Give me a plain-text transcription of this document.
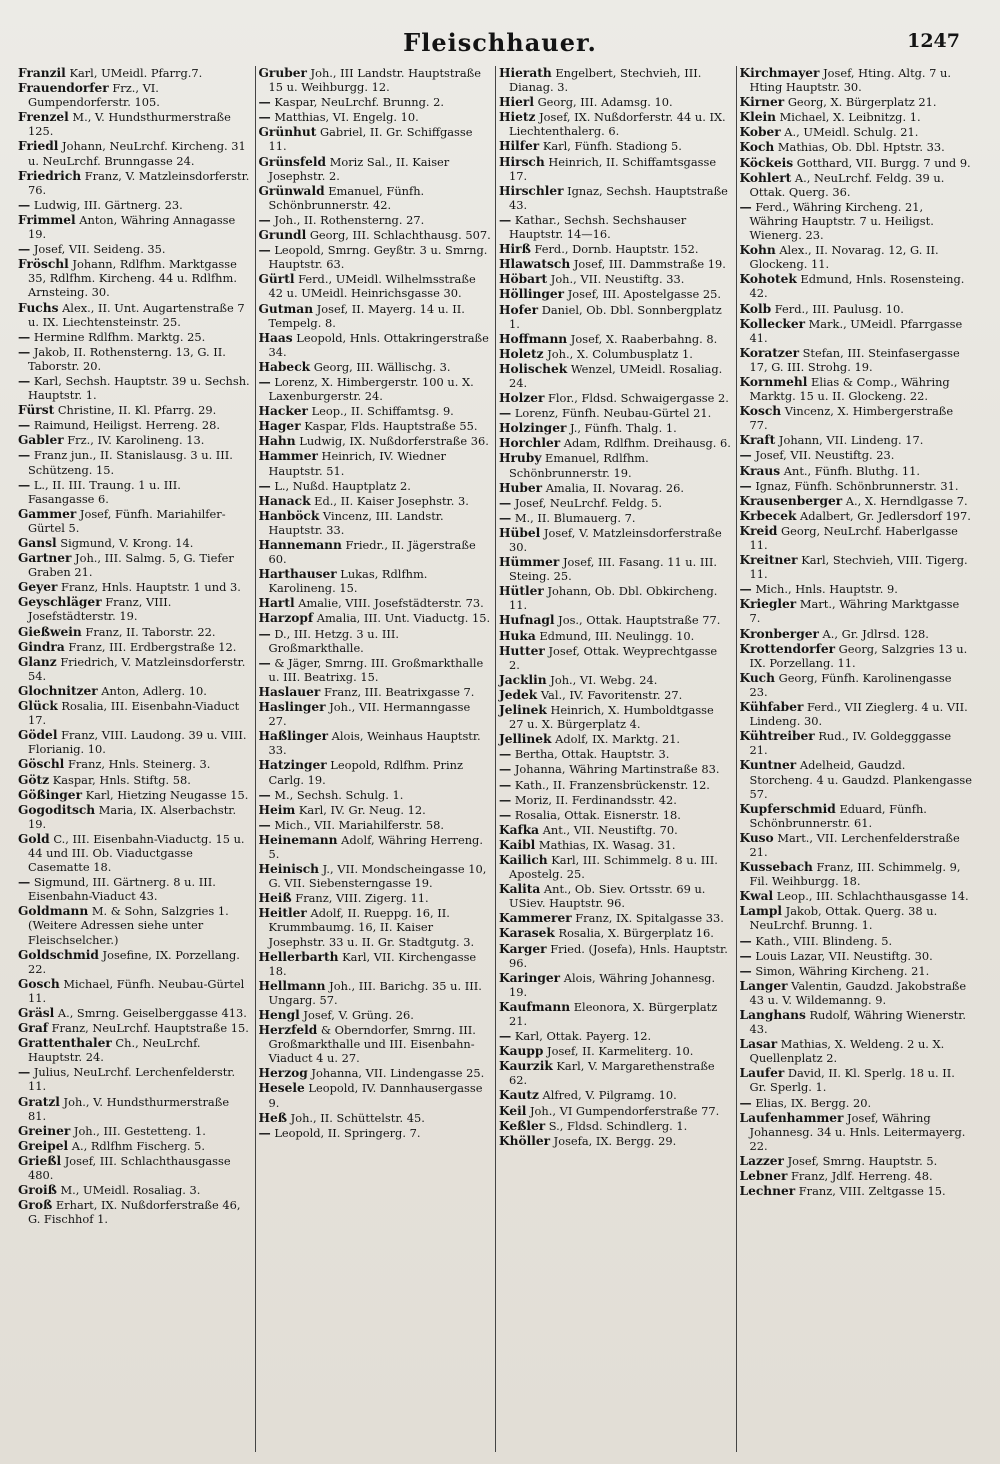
Fleischhauer.	1247
Franzil Karl, UMeidl. Pfarrg.7.
Frauendorfer Frz., VI. Gumpendorferstr. 105.
Frenzel M., V. Hundsthurmerstraße 125.
Friedl Johann, NeuLrchf. Kircheng. 31 u. NeuLrchf. Brunngasse 24.
Friedrich Franz, V. Matzleinsdorferstr. 76.
— Ludwig, III. Gärtnerg. 23.
Frimmel Anton, Währing Annagasse 19.
— Josef, VII. Seideng. 35.
Fröschl Johann, Rdlfhm. Marktgasse 35, Rdlfhm. Kircheng. 44 u. Rdlfhm. Arnsteing. 30.
Fuchs Alex., II. Unt. Augartenstraße 7 u. IX. Liechtensteinstr. 25.
— Hermine Rdlfhm. Marktg. 25.
— Jakob, II. Rothensterng. 13, G. II. Taborstr. 20.
— Karl, Sechsh. Hauptstr. 39 u. Sechsh. Hauptstr. 1.
Fürst Christine, II. Kl. Pfarrg. 29.
— Raimund, Heiligst. Herreng. 28.
Gabler Frz., IV. Karolineng. 13.
— Franz jun., II. Stanislausg. 3 u. III. Schützeng. 15.
— L., II. III. Traung. 1 u. III. Fasangasse 6.
Gammer Josef, Fünfh. Mariahilfer-Gürtel 5.
Gansl Sigmund, V. Krong. 14.
Gartner Joh., III. Salmg. 5, G. Tiefer Graben 21.
Geyer Franz, Hnls. Hauptstr. 1 und 3.
Geyschläger Franz, VIII. Josefstädterstr. 19.
Gießwein Franz, II. Taborstr. 22.
Gindra Franz, III. Erdbergstraße 12.
Glanz Friedrich, V. Matzleinsdorferstr. 54.
Glochnitzer Anton, Adlerg. 10.
Glück Rosalia, III. Eisenbahn-Viaduct 17.
Gödel Franz, VIII. Laudong. 39 u. VIII. Florianig. 10.
Göschl Franz, Hnls. Steinerg. 3.
Götz Kaspar, Hnls. Stiftg. 58.
Gößinger Karl, Hietzing Neugasse 15.
Gogoditsch Maria, IX. Alserbachstr. 19.
Gold C., III. Eisenbahn-Viaductg. 15 u. 44 und III. Ob. Viaductgasse Casematte 18.
— Sigmund, III. Gärtnerg. 8 u. III. Eisenbahn-Viaduct 43.
Goldmann M. & Sohn, Salzgries 1. (Weitere Adressen siehe unter Fleischselcher.)
Goldschmid Josefine, IX. Porzellang. 22.
Gosch Michael, Fünfh. Neubau-Gürtel 11.
Gräsl A., Smrng. Geiselberggasse 413.
Graf Franz, NeuLrchf. Hauptstraße 15.
Grattenthaler Ch., NeuLrchf. Hauptstr. 24.
— Julius, NeuLrchf. Lerchenfelderstr. 11.
Gratzl Joh., V. Hundsthurmerstraße 81.
Greiner Joh., III. Gestetteng. 1.
Greipel A., Rdlfhm Fischerg. 5.
Grießl Josef, III. Schlachthausgasse 480.
Groiß M., UMeidl. Rosaliag. 3.
Groß Erhart, IX. Nußdorferstraße 46, G. Fischhof 1.
Gruber Joh., III Landstr. Hauptstraße 15 u. Weihburgg. 12.
— Kaspar, NeuLrchf. Brunng. 2.
— Matthias, VI. Engelg. 10.
Grünhut Gabriel, II. Gr. Schiffgasse 11.
Grünsfeld Moriz Sal., II. Kaiser Josephstr. 2.
Grünwald Emanuel, Fünfh. Schönbrunnerstr. 42.
— Joh., II. Rothensterng. 27.
Grundl Georg, III. Schlachthausg. 507.
— Leopold, Smrng. Geyßtr. 3 u. Smrng. Hauptstr. 63.
Gürtl Ferd., UMeidl. Wilhelmsstraße 42 u. UMeidl. Heinrichsgasse 30.
Gutman Josef, II. Mayerg. 14 u. II. Tempelg. 8.
Haas Leopold, Hnls. Ottakringerstraße 34.
Habeck Georg, III. Wällischg. 3.
— Lorenz, X. Himbergerstr. 100 u. X. Laxenburgerstr. 24.
Hacker Leop., II. Schiffamtsg. 9.
Hager Kaspar, Flds. Hauptstraße 55.
Hahn Ludwig, IX. Nußdorferstraße 36.
Hammer Heinrich, IV. Wiedner Hauptstr. 51.
— L., Nußd. Hauptplatz 2.
Hanack Ed., II. Kaiser Josephstr. 3.
Hanböck Vincenz, III. Landstr. Hauptstr. 33.
Hannemann Friedr., II. Jägerstraße 60.
Harthauser Lukas, Rdlfhm. Karolineng. 15.
Hartl Amalie, VIII. Josefstädterstr. 73.
Harzopf Amalia, III. Unt. Viaductg. 15.
— D., III. Hetzg. 3 u. III. Großmarkthalle.
— & Jäger, Smrng. III. Großmarkthalle u. III. Beatrixg. 15.
Haslauer Franz, III. Beatrixgasse 7.
Haslinger Joh., VII. Hermanngasse 27.
Haßlinger Alois, Weinhaus Hauptstr. 33.
Hatzinger Leopold, Rdlfhm. Prinz Carlg. 19.
— M., Sechsh. Schulg. 1.
Heim Karl, IV. Gr. Neug. 12.
— Mich., VII. Mariahilferstr. 58.
Heinemann Adolf, Währing Herreng. 5.
Heinisch J., VII. Mondscheingasse 10, G. VII. Siebensterngasse 19.
Heiß Franz, VIII. Zigerg. 11.
Heitler Adolf, II. Rueppg. 16, II. Krummbaumg. 16, II. Kaiser Josephstr. 33 u. II. Gr. Stadtgutg. 3.
Hellerbarth Karl, VII. Kirchengasse 18.
Hellmann Joh., III. Barichg. 35 u. III. Ungarg. 57.
Hengl Josef, V. Grüng. 26.
Herzfeld & Oberndorfer, Smrng. III. Großmarkthalle und III. Eisenbahn-Viaduct 4 u. 27.
Herzog Johanna, VII. Lindengasse 25.
Hesele Leopold, IV. Dannhausergasse 9.
Heß Joh., II. Schüttelstr. 45.
— Leopold, II. Springerg. 7.
Hierath Engelbert, Stechvieh, III. Dianag. 3.
Hierl Georg, III. Adamsg. 10.
Hietz Josef, IX. Nußdorferstr. 44 u. IX. Liechtenthalerg. 6.
Hilfer Karl, Fünfh. Stadiong 5.
Hirsch Heinrich, II. Schiffamtsgasse 17.
Hirschler Ignaz, Sechsh. Hauptstraße 43.
— Kathar., Sechsh. Sechshauser Hauptstr. 14—16.
Hirß Ferd., Dornb. Hauptstr. 152.
Hlawatsch Josef, III. Dammstraße 19.
Höbart Joh., VII. Neustiftg. 33.
Höllinger Josef, III. Apostelgasse 25.
Hofer Daniel, Ob. Dbl. Sonnbergplatz 1.
Hoffmann Josef, X. Raaberbahng. 8.
Holetz Joh., X. Columbusplatz 1.
Holischek Wenzel, UMeidl. Rosaliag. 24.
Holzer Flor., Fldsd. Schwaigergasse 2.
— Lorenz, Fünfh. Neubau-Gürtel 21.
Holzinger J., Fünfh. Thalg. 1.
Horchler Adam, Rdlfhm. Dreihausg. 6.
Hruby Emanuel, Rdlfhm. Schönbrunnerstr. 19.
Huber Amalia, II. Novarag. 26.
— Josef, NeuLrchf. Feldg. 5.
— M., II. Blumauerg. 7.
Hübel Josef, V. Matzleinsdorferstraße 30.
Hümmer Josef, III. Fasang. 11 u. III. Steing. 25.
Hütler Johann, Ob. Dbl. Obkircheng. 11.
Hufnagl Jos., Ottak. Hauptstraße 77.
Huka Edmund, III. Neulingg. 10.
Hutter Josef, Ottak. Weyprechtgasse 2.
Jacklin Joh., VI. Webg. 24.
Jedek Val., IV. Favoritenstr. 27.
Jelinek Heinrich, X. Humboldtgasse 27 u. X. Bürgerplatz 4.
Jellinek Adolf, IX. Marktg. 21.
— Bertha, Ottak. Hauptstr. 3.
— Johanna, Währing Martinstraße 83.
— Kath., II. Franzensbrückenstr. 12.
— Moriz, II. Ferdinandsstr. 42.
— Rosalia, Ottak. Eisnerstr. 18.
Kafka Ant., VII. Neustiftg. 70.
Kaibl Mathias, IX. Wasag. 31.
Kailich Karl, III. Schimmelg. 8 u. III. Apostelg. 25.
Kalita Ant., Ob. Siev. Ortsstr. 69 u. USiev. Hauptstr. 96.
Kammerer Franz, IX. Spitalgasse 33.
Karasek Rosalia, X. Bürgerplatz 16.
Karger Fried. (Josefa), Hnls. Hauptstr. 96.
Karinger Alois, Währing Johannesg. 19.
Kaufmann Eleonora, X. Bürgerplatz 21.
— Karl, Ottak. Payerg. 12.
Kaupp Josef, II. Karmeliterg. 10.
Kaurzik Karl, V. Margarethenstraße 62.
Kautz Alfred, V. Pilgramg. 10.
Keil Joh., VI Gumpendorferstraße 77.
Keßler S., Fldsd. Schindlerg. 1.
Khöller Josefa, IX. Bergg. 29.
Kirchmayer Josef, Hting. Altg. 7 u. Hting Hauptstr. 30.
Kirner Georg, X. Bürgerplatz 21.
Klein Michael, X. Leibnitzg. 1.
Kober A., UMeidl. Schulg. 21.
Koch Mathias, Ob. Dbl. Hptstr. 33.
Köckeis Gotthard, VII. Burgg. 7 und 9.
Kohlert A., NeuLrchf. Feldg. 39 u. Ottak. Querg. 36.
— Ferd., Währing Kircheng. 21, Währing Hauptstr. 7 u. Heiligst. Wienerg. 23.
Kohn Alex., II. Novarag. 12, G. II. Glockeng. 11.
Kohotek Edmund, Hnls. Rosensteing. 42.
Kolb Ferd., III. Paulusg. 10.
Kollecker Mark., UMeidl. Pfarrgasse 41.
Koratzer Stefan, III. Steinfasergasse 17, G. III. Strohg. 19.
Kornmehl Elias & Comp., Währing Marktg. 15 u. II. Glockeng. 22.
Kosch Vincenz, X. Himbergerstraße 77.
Kraft Johann, VII. Lindeng. 17.
— Josef, VII. Neustiftg. 23.
Kraus Ant., Fünfh. Bluthg. 11.
— Ignaz, Fünfh. Schönbrunnerstr. 31.
Krausenberger A., X. Herndlgasse 7.
Krbecek Adalbert, Gr. Jedlersdorf 197.
Kreid Georg, NeuLrchf. Haberlgasse 11.
Kreitner Karl, Stechvieh, VIII. Tigerg. 11.
— Mich., Hnls. Hauptstr. 9.
Kriegler Mart., Währing Marktgasse 7.
Kronberger A., Gr. Jdlrsd. 128.
Krottendorfer Georg, Salzgries 13 u. IX. Porzellang. 11.
Kuch Georg, Fünfh. Karolinengasse 23.
Kühfaber Ferd., VII Zieglerg. 4 u. VII. Lindeng. 30.
Kühtreiber Rud., IV. Goldegggasse 21.
Kuntner Adelheid, Gaudzd. Storcheng. 4 u. Gaudzd. Plankengasse 57.
Kupferschmid Eduard, Fünfh. Schönbrunnerstr. 61.
Kuso Mart., VII. Lerchenfelderstraße 21.
Kussebach Franz, III. Schimmelg. 9, Fil. Weihburgg. 18.
Kwal Leop., III. Schlachthausgasse 14.
Lampl Jakob, Ottak. Querg. 38 u. NeuLrchf. Brunng. 1.
— Kath., VIII. Blindeng. 5.
— Louis Lazar, VII. Neustiftg. 30.
— Simon, Währing Kircheng. 21.
Langer Valentin, Gaudzd. Jakobstraße 43 u. V. Wildemanng. 9.
Langhans Rudolf, Währing Wienerstr. 43.
Lasar Mathias, X. Weldeng. 2 u. X. Quellenplatz 2.
Laufer David, II. Kl. Sperlg. 18 u. II. Gr. Sperlg. 1.
— Elias, IX. Bergg. 20.
Laufenhammer Josef, Währing Johannesg. 34 u. Hnls. Leitermayerg. 22.
Lazzer Josef, Smrng. Hauptstr. 5.
Lebner Franz, Jdlf. Herreng. 48.
Lechner Franz, VIII. Zeltgasse 15.
